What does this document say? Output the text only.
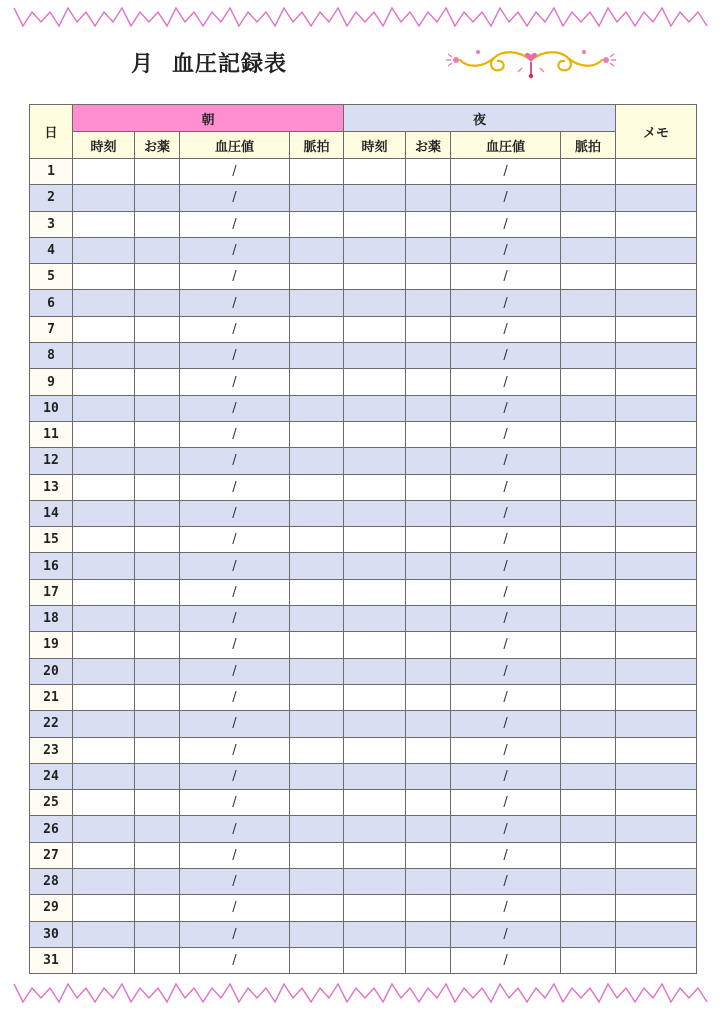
月 血圧記録表
日	朝				夜				メモ
	時刻	お薬	血圧値	脈拍	時刻	お薬	血圧値	脈拍	
1			/				/		
2			/				/		
3			/				/		
4			/				/		
5			/				/		
6			/				/		
7			/				/		
8			/				/		
9			/				/		
10			/				/		
11			/				/		
12			/				/		
13			/				/		
14			/				/		
15			/				/		
16			/				/		
17			/				/		
18			/				/		
19			/				/		
20			/				/		
21			/				/		
22			/				/		
23			/				/		
24			/				/		
25			/				/		
26			/				/		
27			/				/		
28			/				/		
29			/				/		
30			/				/		
31			/				/		
